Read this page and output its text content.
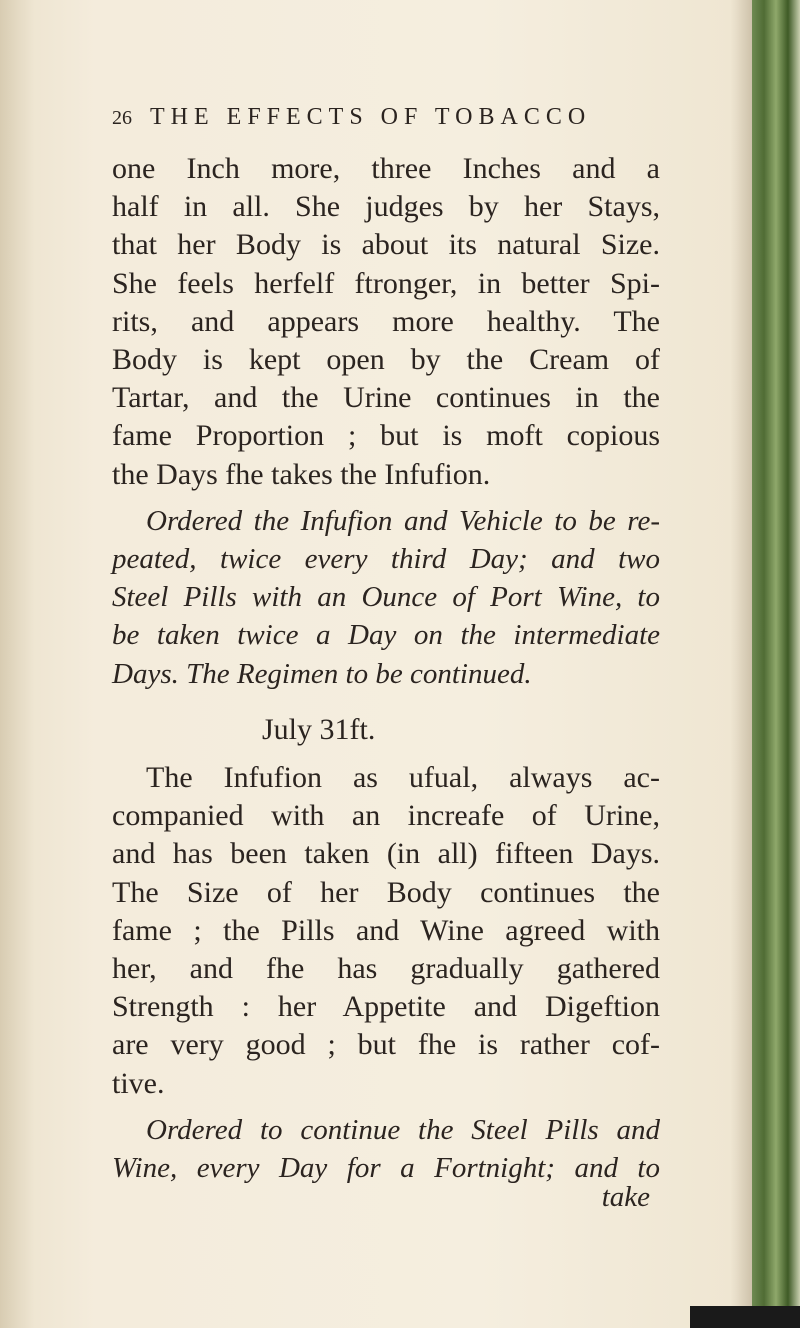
26 THE EFFECTS OF TOBACCO
one Inch more, three Inches and a
half in all. She judges by her Stays,
that her Body is about its natural Size.
She feels herfelf ftronger, in better Spi-
rits, and appears more healthy. The
Body is kept open by the Cream of
Tartar, and the Urine continues in the
fame Proportion ; but is moft copious
the Days fhe takes the Infufion.
Ordered the Infufion and Vehicle to be re-
peated, twice every third Day; and two
Steel Pills with an Ounce of Port Wine, to
be taken twice a Day on the intermediate
Days. The Regimen to be continued.
July 31ft.
The Infufion as ufual, always ac-
companied with an increafe of Urine,
and has been taken (in all) fifteen Days.
The Size of her Body continues the
fame ; the Pills and Wine agreed with
her, and fhe has gradually gathered
Strength : her Appetite and Digeftion
are very good ; but fhe is rather cof-
tive.
Ordered to continue the Steel Pills and
Wine, every Day for a Fortnight; and to
take
